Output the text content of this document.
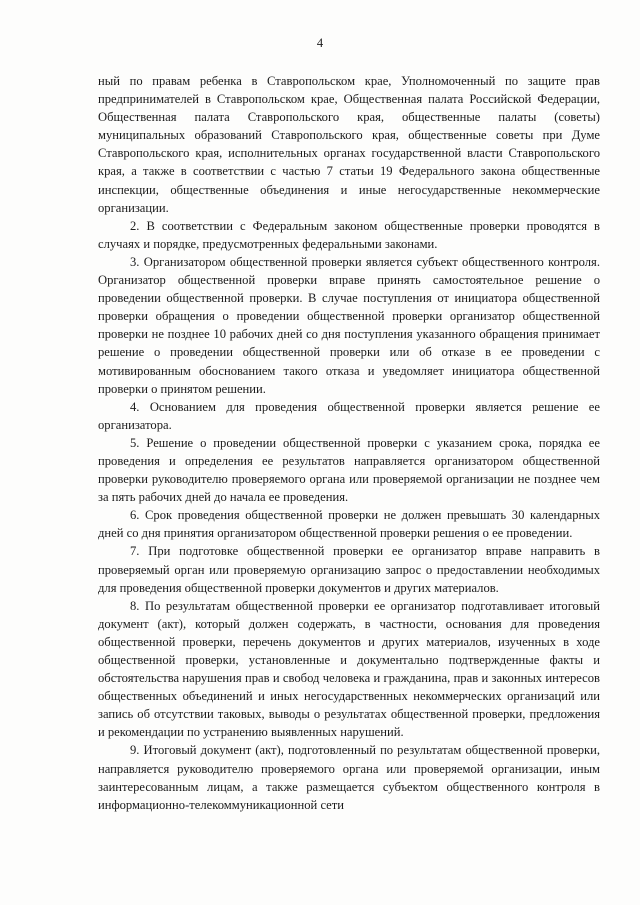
4

ный по правам ребенка в Ставропольском крае, Уполномоченный по защите прав предпринимателей в Ставропольском крае, Общественная палата Российской Федерации, Общественная палата Ставропольского края, общественные палаты (советы) муниципальных образований Ставропольского края, общественные советы при Думе Ставропольского края, исполнительных органах государственной власти Ставропольского края, а также в соответствии с частью 7 статьи 19 Федерального закона общественные инспекции, общественные объединения и иные негосударственные некоммерческие организации.

2. В соответствии с Федеральным законом общественные проверки проводятся в случаях и порядке, предусмотренных федеральными законами.

3. Организатором общественной проверки является субъект общественного контроля. Организатор общественной проверки вправе принять самостоятельное решение о проведении общественной проверки. В случае поступления от инициатора общественной проверки обращения о проведении общественной проверки организатор общественной проверки не позднее 10 рабочих дней со дня поступления указанного обращения принимает решение о проведении общественной проверки или об отказе в ее проведении с мотивированным обоснованием такого отказа и уведомляет инициатора общественной проверки о принятом решении.

4. Основанием для проведения общественной проверки является решение ее организатора.

5. Решение о проведении общественной проверки с указанием срока, порядка ее проведения и определения ее результатов направляется организатором общественной проверки руководителю проверяемого органа или проверяемой организации не позднее чем за пять рабочих дней до начала ее проведения.

6. Срок проведения общественной проверки не должен превышать 30 календарных дней со дня принятия организатором общественной проверки решения о ее проведении.

7. При подготовке общественной проверки ее организатор вправе направить в проверяемый орган или проверяемую организацию запрос о предоставлении необходимых для проведения общественной проверки документов и других материалов.

8. По результатам общественной проверки ее организатор подготавливает итоговый документ (акт), который должен содержать, в частности, основания для проведения общественной проверки, перечень документов и других материалов, изученных в ходе общественной проверки, установленные и документально подтвержденные факты и обстоятельства нарушения прав и свобод человека и гражданина, прав и законных интересов общественных объединений и иных негосударственных некоммерческих организаций или запись об отсутствии таковых, выводы о результатах общественной проверки, предложения и рекомендации по устранению выявленных нарушений.

9. Итоговый документ (акт), подготовленный по результатам общественной проверки, направляется руководителю проверяемого органа или проверяемой организации, иным заинтересованным лицам, а также размещается субъектом общественного контроля в информационно-телекоммуникационной сети
